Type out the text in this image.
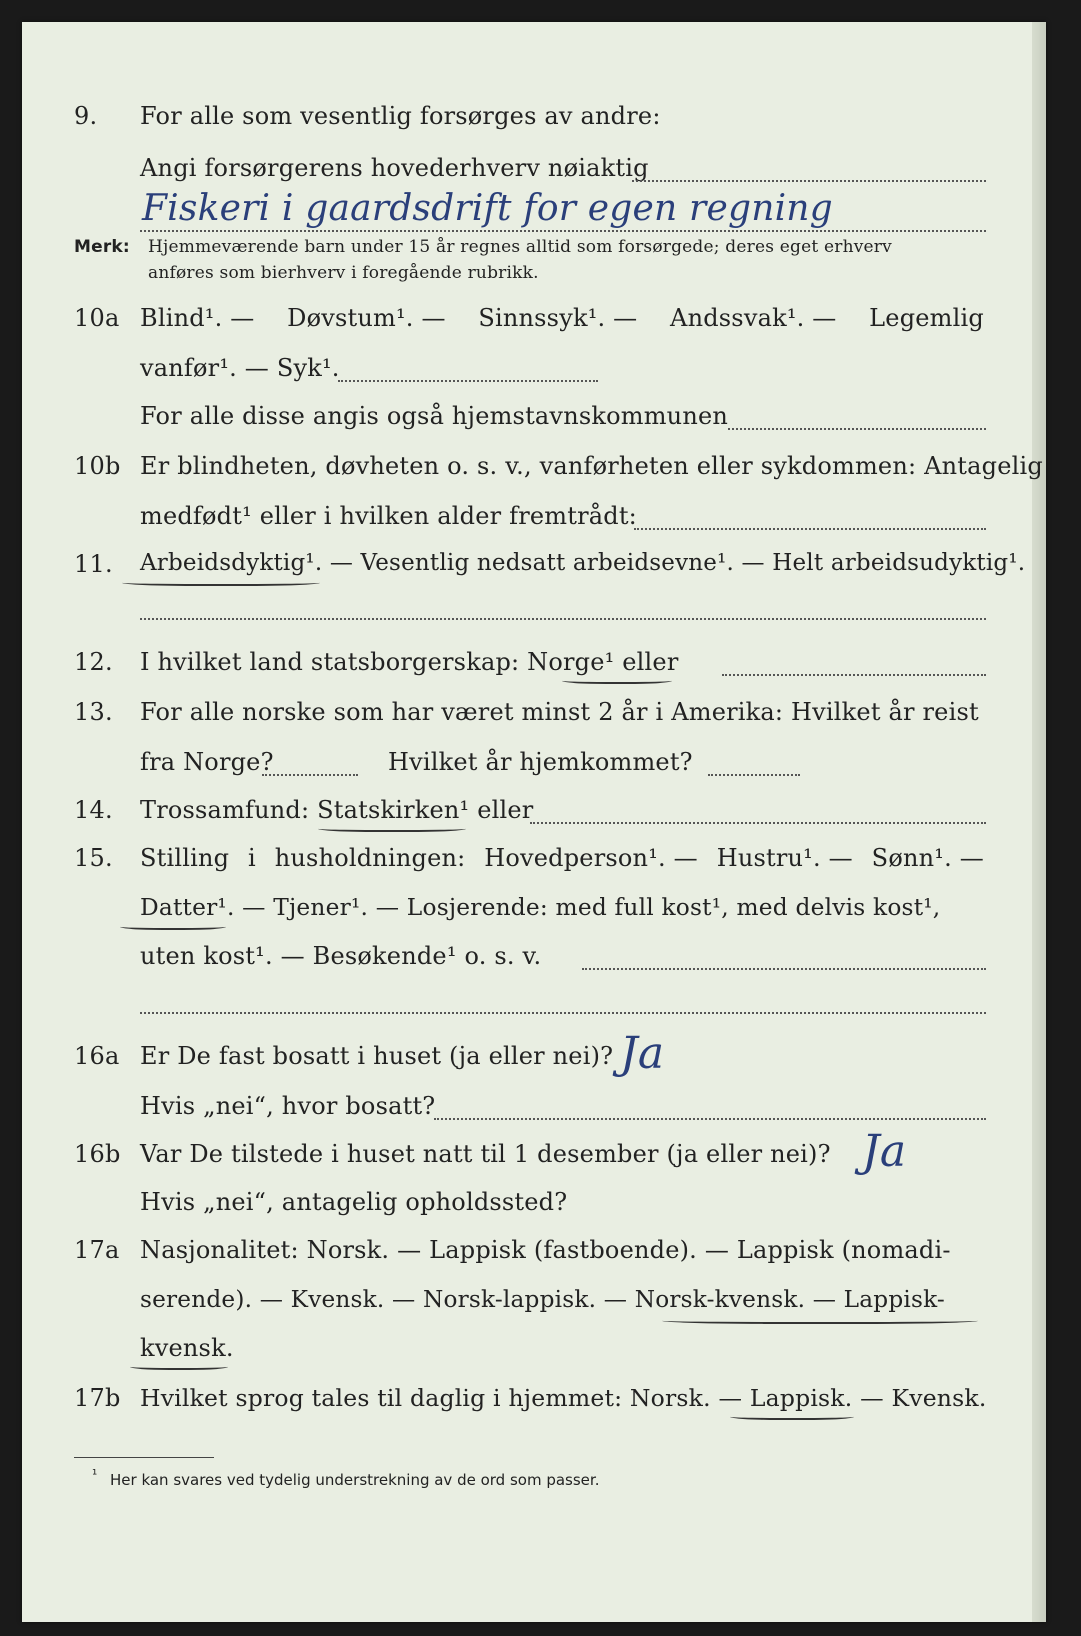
9. For alle som vesentlig forsørges av andre:
Angi forsørgerens hovederhverv nøiaktig
Fiskeri i gaardsdrift for egen regning
Merk: Hjemmeværende barn under 15 år regnes alltid som forsørgede; deres eget erhverv
anføres som bierhverv i foregående rubrikk.
10a Blind¹. — Døvstum¹. — Sinnssyk¹. — Andssvak¹. — Legemlig
vanfør¹. — Syk¹.
For alle disse angis også hjemstavnskommunen
10b Er blindheten, døvheten o. s. v., vanførheten eller sykdommen: Antagelig
medfødt¹ eller i hvilken alder fremtrådt:
11. Arbeidsdyktig¹. — Vesentlig nedsatt arbeidsevne¹. — Helt arbeidsudyktig¹.
12. I hvilket land statsborgerskap: Norge¹ eller
13. For alle norske som har været minst 2 år i Amerika: Hvilket år reist
fra Norge?	Hvilket år hjemkommet?
14. Trossamfund: Statskirken¹ eller
15. Stilling i husholdningen: Hovedperson¹. — Hustru¹. — Sønn¹. —
Datter¹. — Tjener¹. — Losjerende: med full kost¹, med delvis kost¹,
uten kost¹. — Besøkende¹ o. s. v.
16a Er De fast bosatt i huset (ja eller nei)? Ja
Hvis „nei“, hvor bosatt?
16b Var De tilstede i huset natt til 1 desember (ja eller nei)? Ja
Hvis „nei“, antagelig opholdssted?
17a Nasjonalitet: Norsk. — Lappisk (fastboende). — Lappisk (nomadi-
serende). — Kvensk. — Norsk-lappisk. — Norsk-kvensk. — Lappisk-
kvensk.
17b Hvilket sprog tales til daglig i hjemmet: Norsk. — Lappisk. — Kvensk.
¹ Her kan svares ved tydelig understrekning av de ord som passer.
